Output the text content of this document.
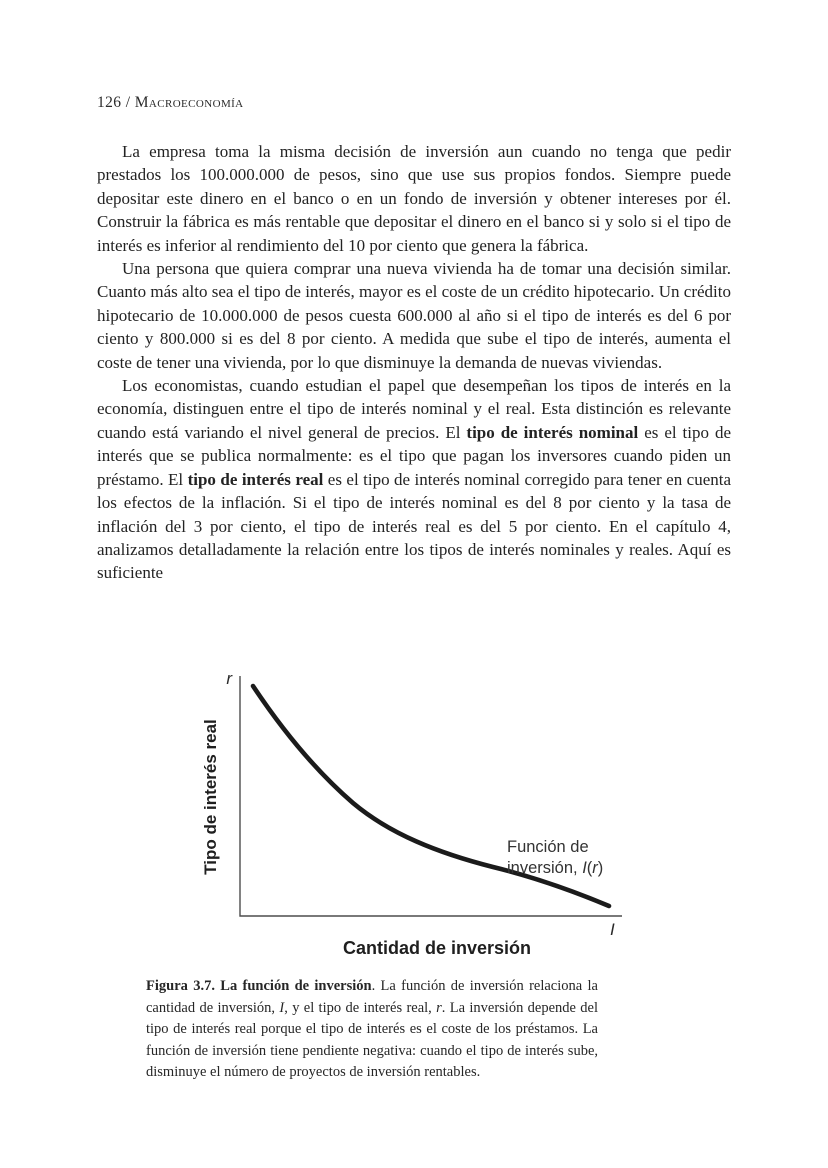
126 / Macroeconomía

La empresa toma la misma decisión de inversión aun cuando no tenga que pedir prestados los 100.000.000 de pesos, sino que use sus propios fondos. Siempre puede depositar este dinero en el banco o en un fondo de inversión y obtener intereses por él. Construir la fábrica es más rentable que depositar el dinero en el banco si y solo si el tipo de interés es inferior al rendimiento del 10 por ciento que genera la fábrica.

Una persona que quiera comprar una nueva vivienda ha de tomar una decisión similar. Cuanto más alto sea el tipo de interés, mayor es el coste de un crédito hipotecario. Un crédito hipotecario de 10.000.000 de pesos cuesta 600.000 al año si el tipo de interés es del 6 por ciento y 800.000 si es del 8 por ciento. A medida que sube el tipo de interés, aumenta el coste de tener una vivienda, por lo que disminuye la demanda de nuevas viviendas.

Los economistas, cuando estudian el papel que desempeñan los tipos de interés en la economía, distinguen entre el tipo de interés nominal y el real. Esta distinción es relevante cuando está variando el nivel general de precios. El tipo de interés nominal es el tipo de interés que se publica normalmente: es el tipo que pagan los inversores cuando piden un préstamo. El tipo de interés real es el tipo de interés nominal corregido para tener en cuenta los efectos de la inflación. Si el tipo de interés nominal es del 8 por ciento y la tasa de inflación del 3 por ciento, el tipo de interés real es del 5 por ciento. En el capítulo 4, analizamos detalladamente la relación entre los tipos de interés nominales y reales. Aquí es suficiente

Tipo de interés real
r
I
Cantidad de inversión
Función de
inversión, I(r)
Figura 3.7. La función de inversión. La función de inversión relaciona la cantidad de inversión, I, y el tipo de interés real, r. La inversión depende del tipo de interés real porque el tipo de interés es el coste de los préstamos. La función de inversión tiene pendiente negativa: cuando el tipo de interés sube, disminuye el número de proyectos de inversión rentables.
